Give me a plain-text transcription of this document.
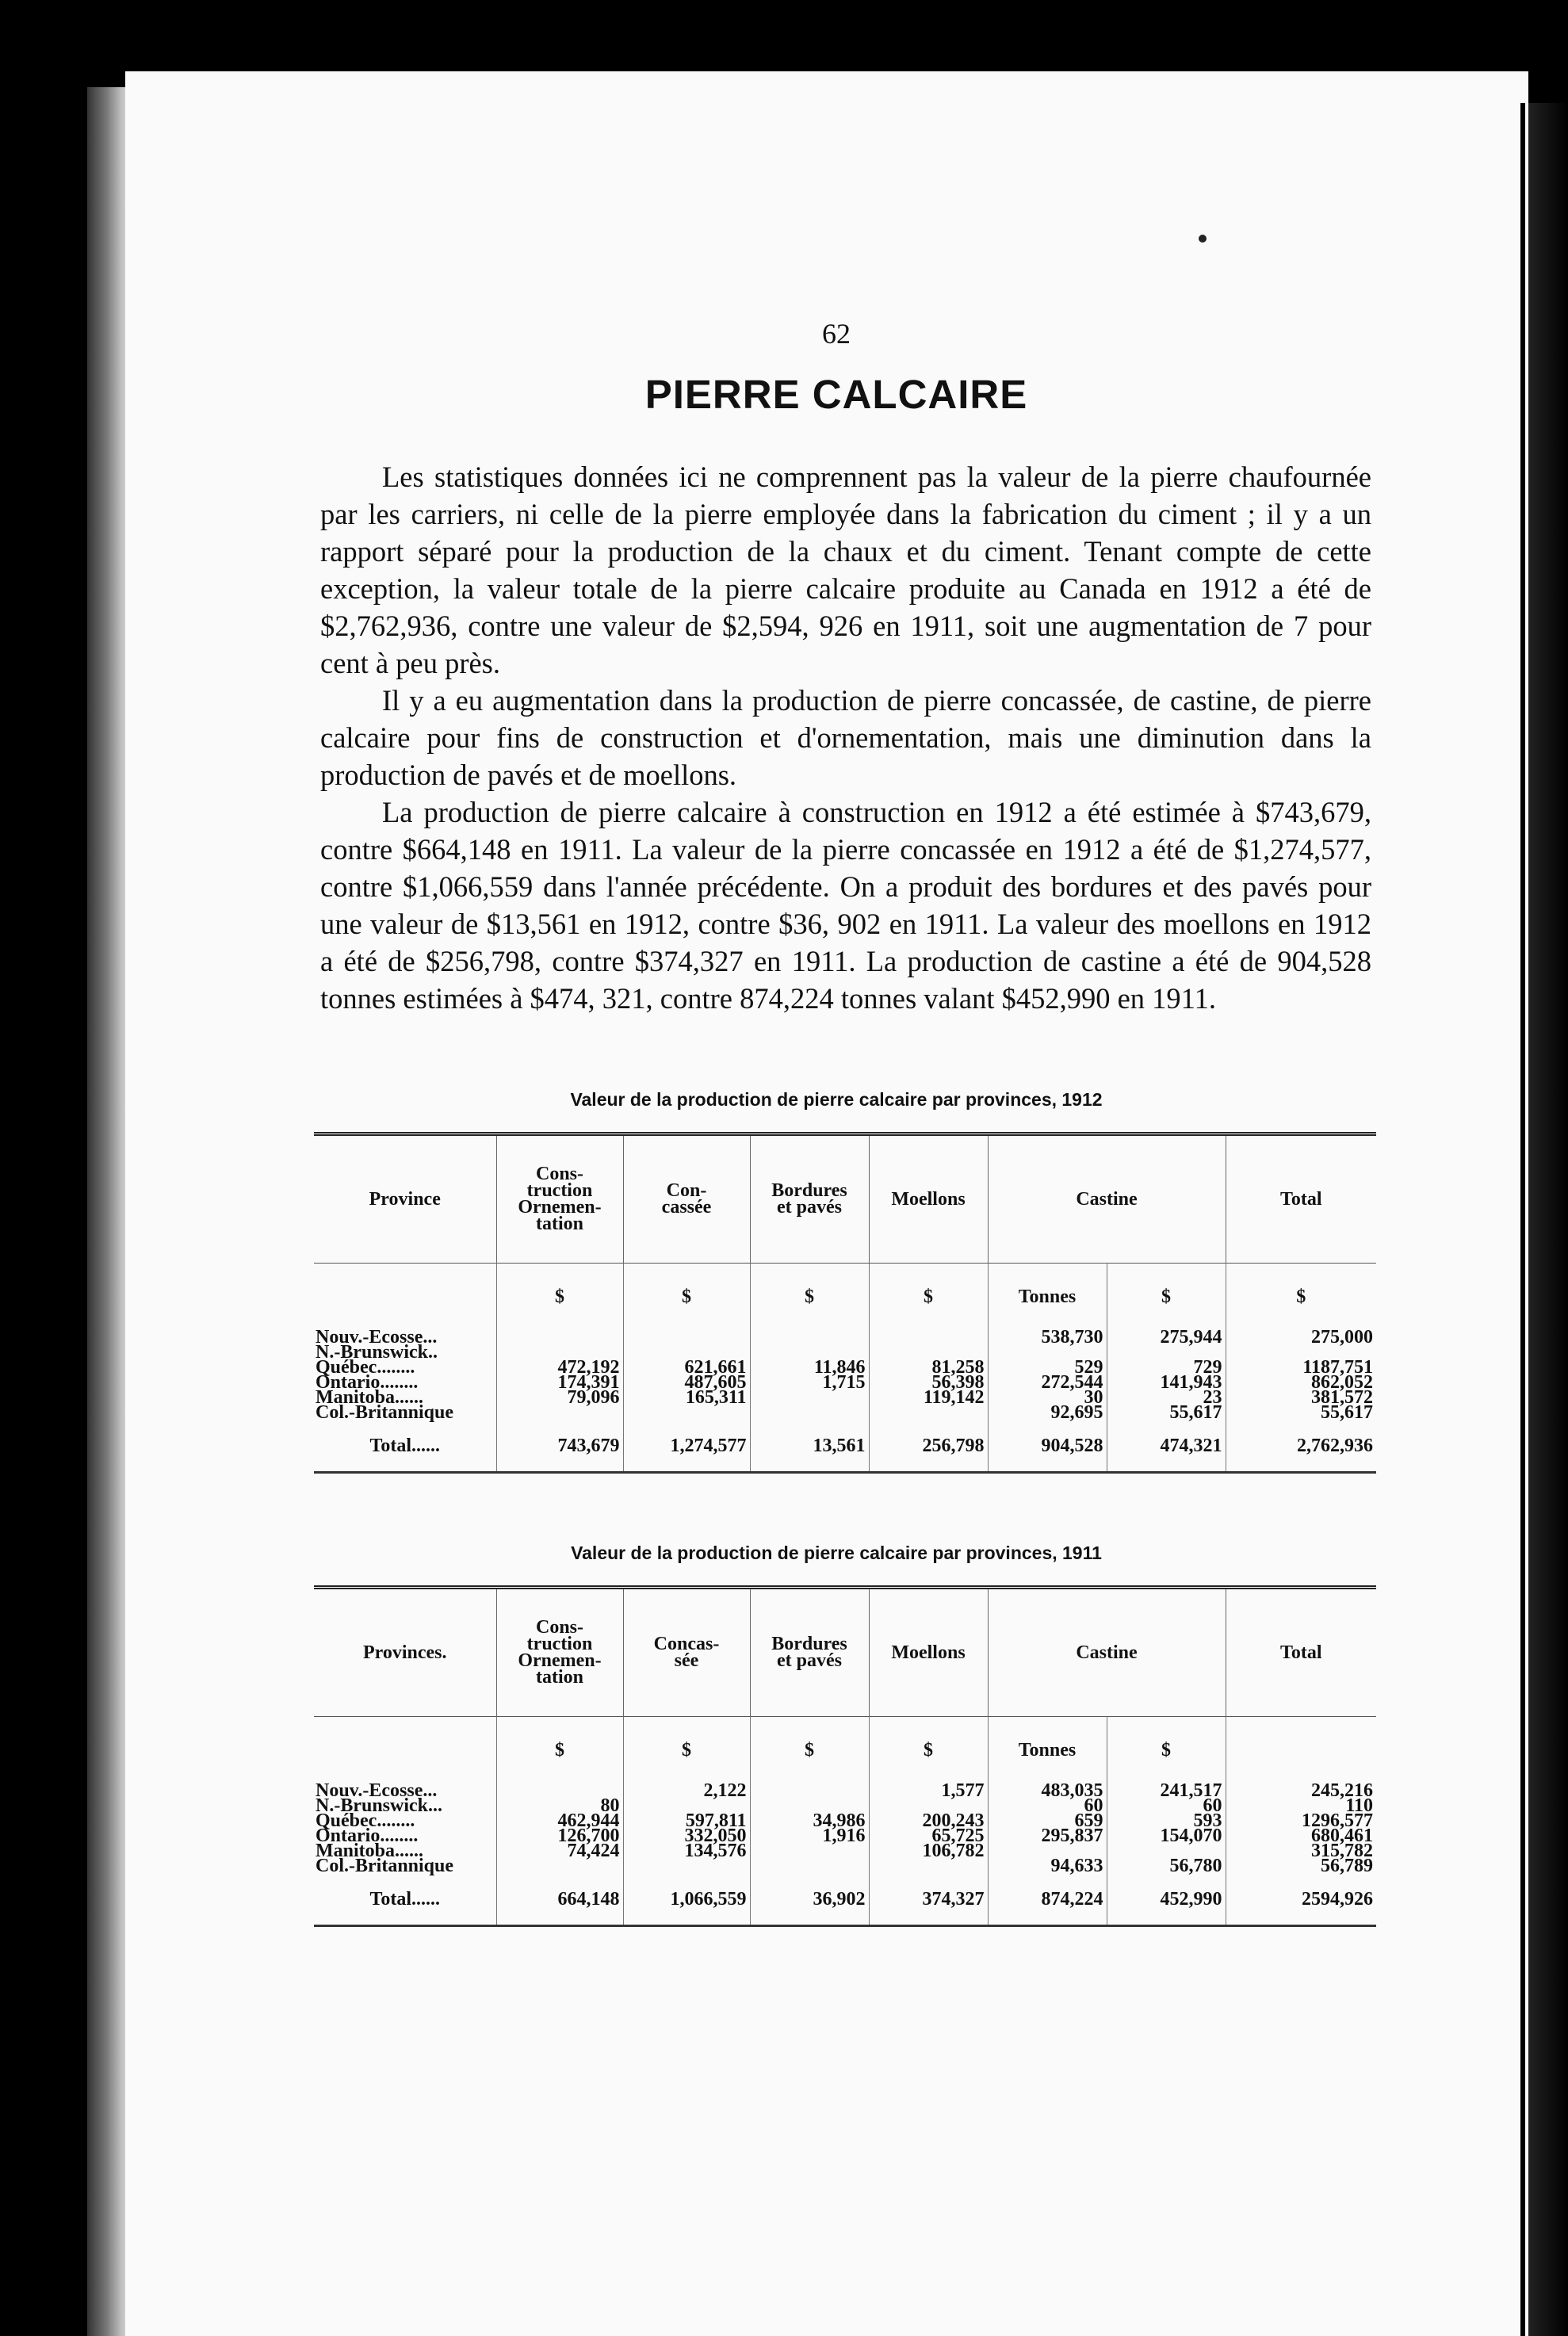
62
PIERRE CALCAIRE

Les statistiques données ici ne comprennent pas la valeur de la pierre chaufournée par les carriers, ni celle de la pierre employée dans la fabrication du ciment ; il y a un rapport séparé pour la production de la chaux et du ciment. Tenant compte de cette exception, la valeur totale de la pierre calcaire produite au Canada en 1912 a été de $2,762,936, contre une valeur de $2,594, 926 en 1911, soit une augmentation de 7 pour cent à peu près.

Il y a eu augmentation dans la production de pierre concassée, de castine, de pierre calcaire pour fins de construction et d'ornementation, mais une diminution dans la production de pavés et de moellons.

La production de pierre calcaire à construction en 1912 a été estimée à $743,679, contre $664,148 en 1911. La valeur de la pierre concassée en 1912 a été de $1,274,577, contre $1,066,559 dans l'année précédente. On a produit des bordures et des pavés pour une valeur de $13,561 en 1912, contre $36, 902 en 1911. La valeur des moellons en 1912 a été de $256,798, contre $374,327 en 1911. La production de castine a été de 904,528 tonnes estimées à $474, 321, contre 874,224 tonnes valant $452,990 en 1911.

Valeur de la production de pierre calcaire par provinces, 1912
Province	Cons-
truction
Ornemen-
tation	Con-
cassée	Bordures
et pavés	Moellons	Castine		Total
	$	$	$	$	Tonnes	$	$
Nouv.-Ecosse...					538,730	275,944	275,000
N.-Brunswick..							
Québec........	472,192	621,661	11,846	81,258	529	729	1187,751
Ontario........	174,391	487,605	1,715	56,398	272,544	141,943	862,052
Manitoba......	79,096	165,311		119,142	30	23	381,572
Col.-Britannique					92,695	55,617	55,617
Total......	743,679	1,274,577	13,561	256,798	904,528	474,321	2,762,936
Valeur de la production de pierre calcaire par provinces, 1911
Provinces.	Cons-
truction
Ornemen-
tation	Concas-
sée	Bordures
et pavés	Moellons	Castine		Total
	$	$	$	$	Tonnes	$	
Nouv.-Ecosse...		2,122		1,577	483,035	241,517	245,216
N.-Brunswick...	80				60	60	110
Québec........	462,944	597,811	34,986	200,243	659	593	1296,577
Ontario........	126,700	332,050	1,916	65,725	295,837	154,070	680,461
Manitoba......	74,424	134,576		106,782			315,782
Col.-Britannique					94,633	56,780	56,789
Total......	664,148	1,066,559	36,902	374,327	874,224	452,990	2594,926
